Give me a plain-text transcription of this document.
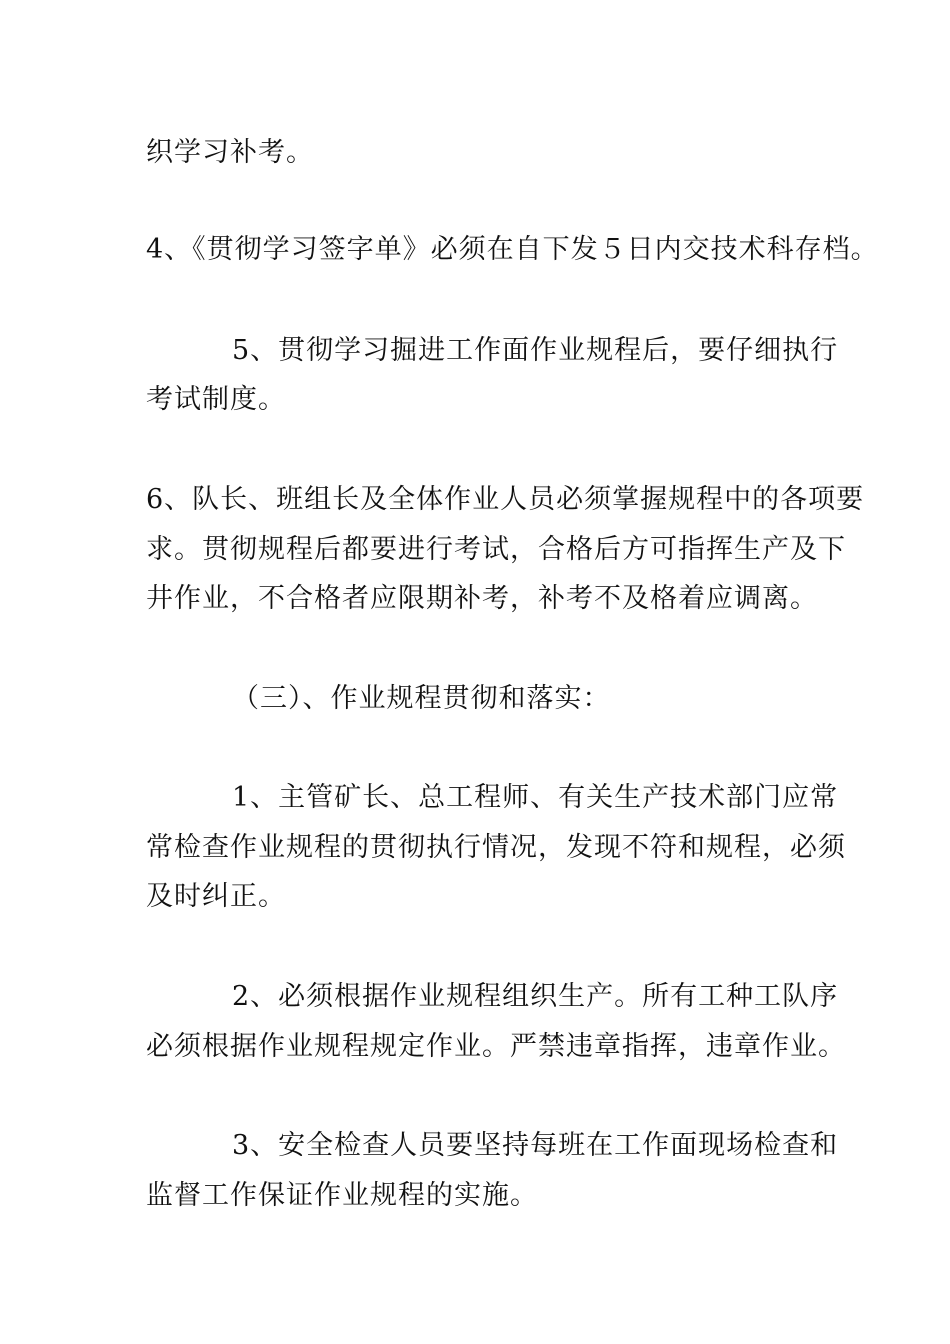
织学习补考。
4、《贯彻学习签字单》必须在自下发５日内交技术科存档。
5、贯彻学习掘进工作面作业规程后，要仔细执行
考试制度。
6、队长、班组长及全体作业人员必须掌握规程中的各项要
求。贯彻规程后都要进行考试，合格后方可指挥生产及下
井作业，不合格者应限期补考，补考不及格着应调离。
（三）、作业规程贯彻和落实：
1、主管矿长、总工程师、有关生产技术部门应常
常检查作业规程的贯彻执行情况，发现不符和规程，必须
及时纠正。
2、必须根据作业规程组织生产。所有工种工队序
必须根据作业规程规定作业。严禁违章指挥，违章作业。
3、安全检查人员要坚持每班在工作面现场检查和
监督工作保证作业规程的实施。
